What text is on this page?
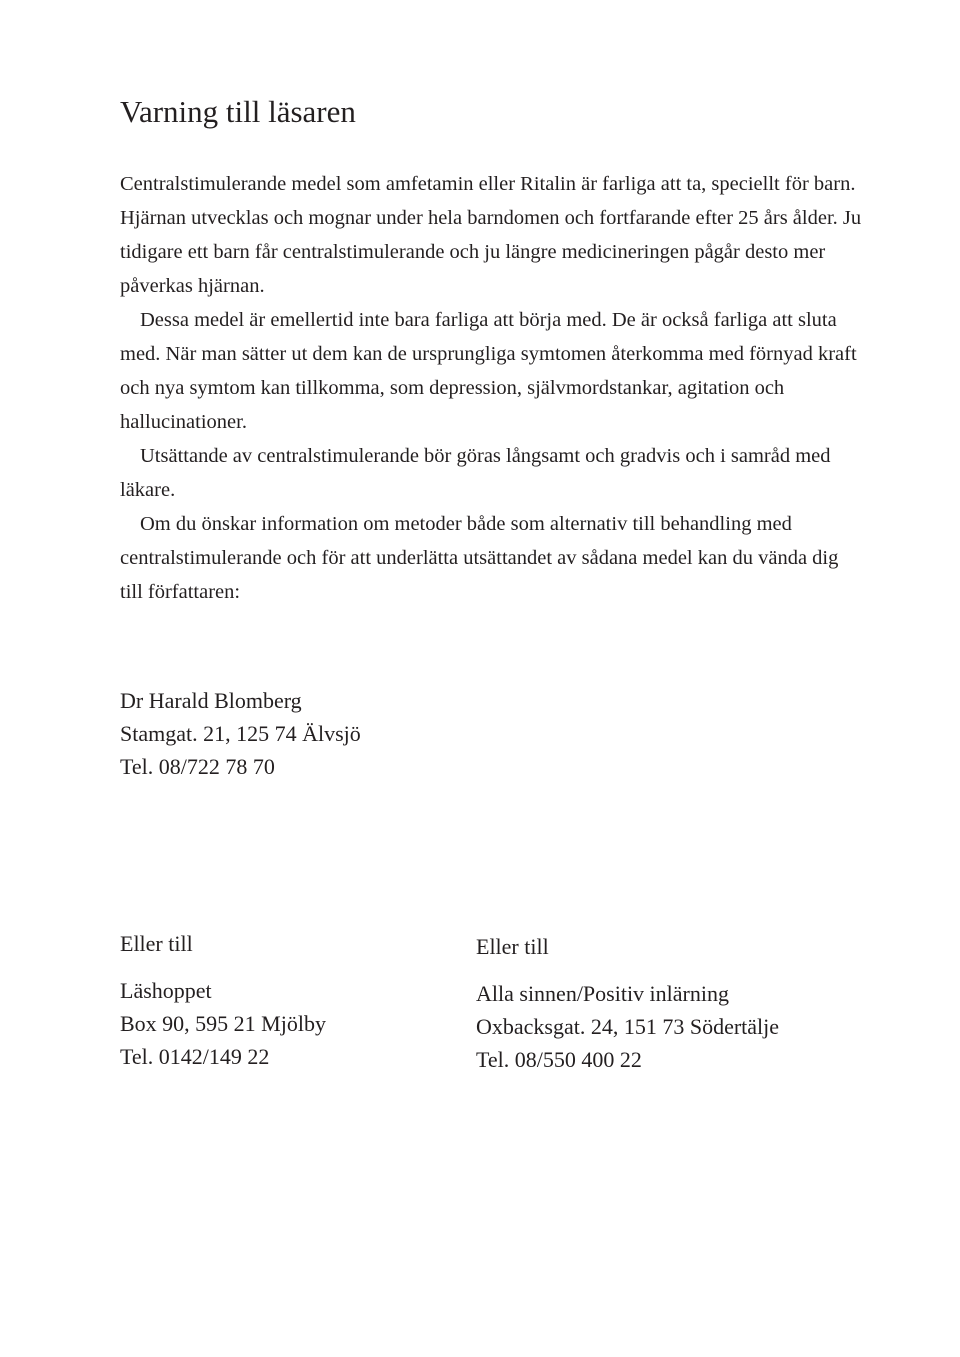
Varning till läsaren

Centralstimulerande medel som amfetamin eller Ritalin är farliga att ta, speciellt för barn. Hjärnan utvecklas och mognar under hela barndomen och fortfarande efter 25 års ålder. Ju tidigare ett barn får centralstimulerande och ju längre medicineringen pågår desto mer påverkas hjärnan.

Dessa medel är emellertid inte bara farliga att börja med. De är också farliga att sluta med. När man sätter ut dem kan de ursprungliga symtomen återkomma med förnyad kraft och nya symtom kan tillkomma, som depression, självmordstankar, agitation och hallucinationer.

Utsättande av centralstimulerande bör göras långsamt och gradvis och i samråd med läkare.

Om du önskar information om metoder både som alternativ till behandling med centralstimulerande och för att underlätta utsättandet av sådana medel kan du vända dig till författaren:

Dr Harald Blomberg
Stamgat. 21, 125 74 Älvsjö
Tel. 08/722 78 70
Eller till
Läshoppet
Box 90, 595 21 Mjölby
Tel. 0142/149 22
Eller till
Alla sinnen/Positiv inlärning
Oxbacksgat. 24, 151 73 Södertälje
Tel. 08/550 400 22
